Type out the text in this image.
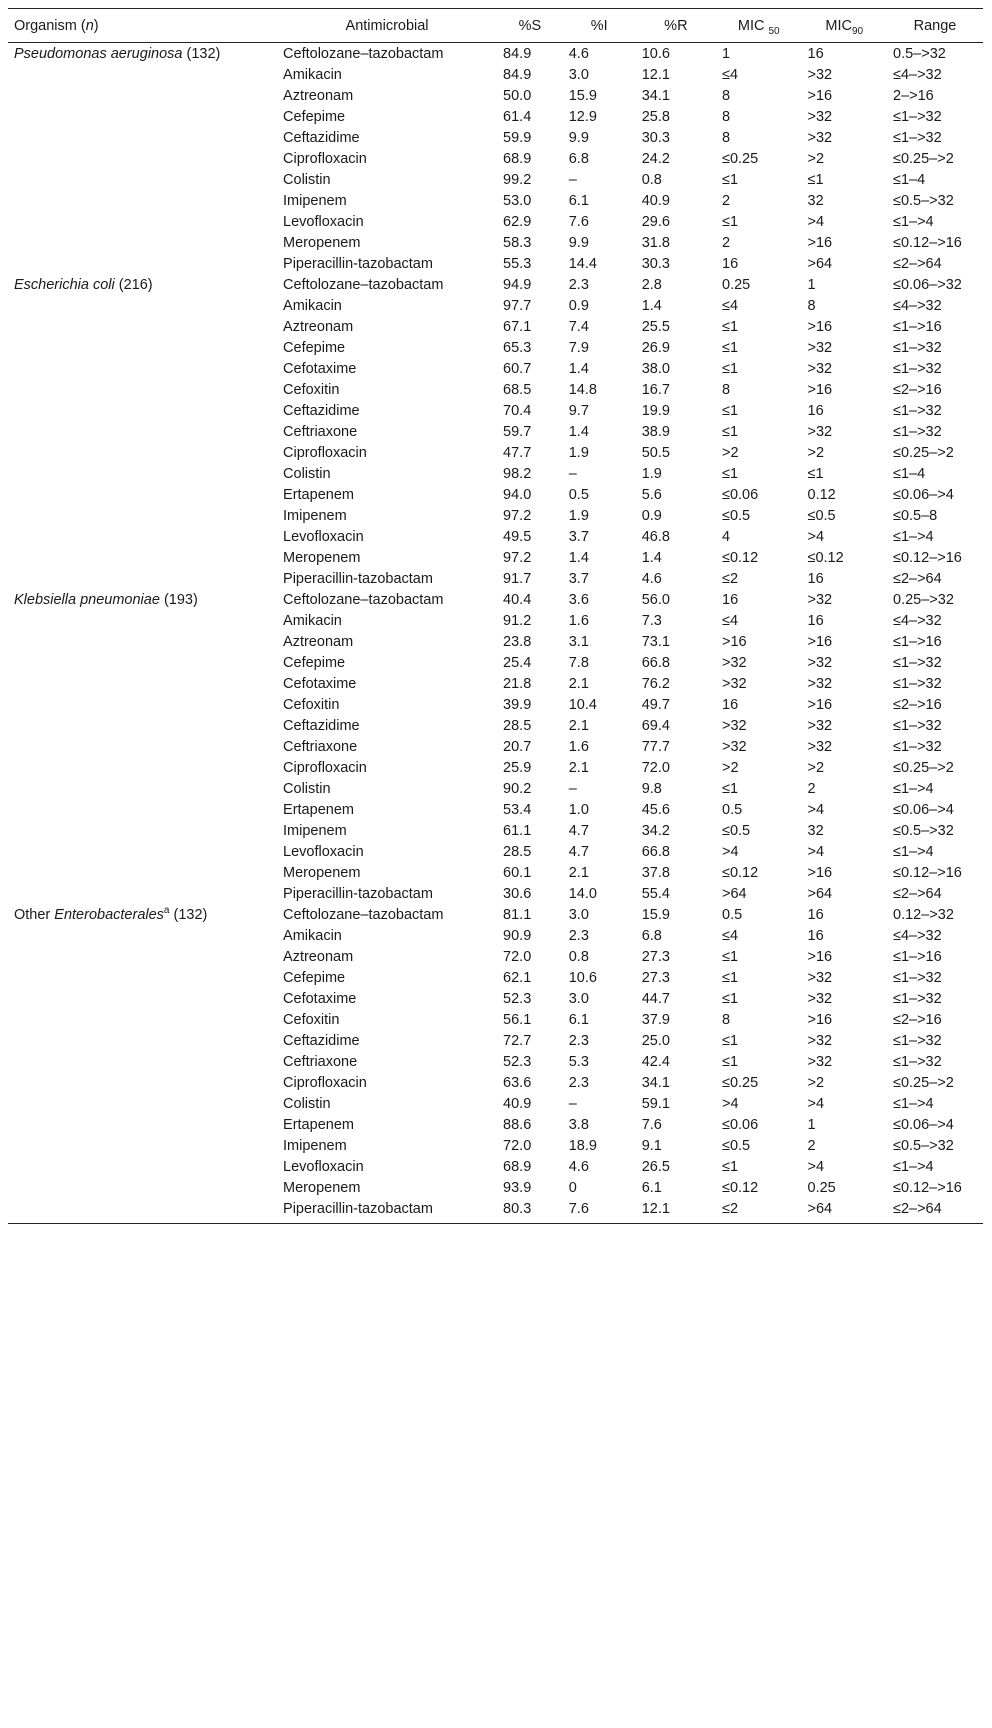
Organism (n)	Antimicrobial	%S	%I	%R	MIC $_{50}$	$MIC_{90}$	Range
Pseudomonas aeruginosa (132)	Ceftolozane–tazobactam	84.9	4.6	10.6	1	16	0.5–>32
	Amikacin	84.9	3.0	12.1	≤4	>32	≤4–>32
	Aztreonam	50.0	15.9	34.1	8	>16	2–>16
	Cefepime	61.4	12.9	25.8	8	>32	≤1–>32
	Ceftazidime	59.9	9.9	30.3	8	>32	≤1–>32
	Ciprofloxacin	68.9	6.8	24.2	≤0.25	>2	≤0.25–>2
	Colistin	99.2	–	0.8	≤1	≤1	≤1–4
	Imipenem	53.0	6.1	40.9	2	32	≤0.5–>32
	Levofloxacin	62.9	7.6	29.6	≤1	>4	≤1–>4
	Meropenem	58.3	9.9	31.8	2	>16	≤0.12–>16
	Piperacillin-tazobactam	55.3	14.4	30.3	16	>64	≤2–>64
Escherichia coli (216)	Ceftolozane–tazobactam	94.9	2.3	2.8	0.25	1	≤0.06–>32
	Amikacin	97.7	0.9	1.4	≤4	8	≤4–>32
	Aztreonam	67.1	7.4	25.5	≤1	>16	≤1–>16
	Cefepime	65.3	7.9	26.9	≤1	>32	≤1–>32
	Cefotaxime	60.7	1.4	38.0	≤1	>32	≤1–>32
	Cefoxitin	68.5	14.8	16.7	8	>16	≤2–>16
	Ceftazidime	70.4	9.7	19.9	≤1	16	≤1–>32
	Ceftriaxone	59.7	1.4	38.9	≤1	>32	≤1–>32
	Ciprofloxacin	47.7	1.9	50.5	>2	>2	≤0.25–>2
	Colistin	98.2	–	1.9	≤1	≤1	≤1–4
	Ertapenem	94.0	0.5	5.6	≤0.06	0.12	≤0.06–>4
	Imipenem	97.2	1.9	0.9	≤0.5	≤0.5	≤0.5–8
	Levofloxacin	49.5	3.7	46.8	4	>4	≤1–>4
	Meropenem	97.2	1.4	1.4	≤0.12	≤0.12	≤0.12–>16
	Piperacillin-tazobactam	91.7	3.7	4.6	≤2	16	≤2–>64
Klebsiella pneumoniae (193)	Ceftolozane–tazobactam	40.4	3.6	56.0	16	>32	0.25–>32
	Amikacin	91.2	1.6	7.3	≤4	16	≤4–>32
	Aztreonam	23.8	3.1	73.1	>16	>16	≤1–>16
	Cefepime	25.4	7.8	66.8	>32	>32	≤1–>32
	Cefotaxime	21.8	2.1	76.2	>32	>32	≤1–>32
	Cefoxitin	39.9	10.4	49.7	16	>16	≤2–>16
	Ceftazidime	28.5	2.1	69.4	>32	>32	≤1–>32
	Ceftriaxone	20.7	1.6	77.7	>32	>32	≤1–>32
	Ciprofloxacin	25.9	2.1	72.0	>2	>2	≤0.25–>2
	Colistin	90.2	–	9.8	≤1	2	≤1–>4
	Ertapenem	53.4	1.0	45.6	0.5	>4	≤0.06–>4
	Imipenem	61.1	4.7	34.2	≤0.5	32	≤0.5–>32
	Levofloxacin	28.5	4.7	66.8	>4	>4	≤1–>4
	Meropenem	60.1	2.1	37.8	≤0.12	>16	≤0.12–>16
	Piperacillin-tazobactam	30.6	14.0	55.4	>64	>64	≤2–>64
Other Enterobacterales$^a$ (132)	Ceftolozane–tazobactam	81.1	3.0	15.9	0.5	16	0.12–>32
	Amikacin	90.9	2.3	6.8	≤4	16	≤4–>32
	Aztreonam	72.0	0.8	27.3	≤1	>16	≤1–>16
	Cefepime	62.1	10.6	27.3	≤1	>32	≤1–>32
	Cefotaxime	52.3	3.0	44.7	≤1	>32	≤1–>32
	Cefoxitin	56.1	6.1	37.9	8	>16	≤2–>16
	Ceftazidime	72.7	2.3	25.0	≤1	>32	≤1–>32
	Ceftriaxone	52.3	5.3	42.4	≤1	>32	≤1–>32
	Ciprofloxacin	63.6	2.3	34.1	≤0.25	>2	≤0.25–>2
	Colistin	40.9	–	59.1	>4	>4	≤1–>4
	Ertapenem	88.6	3.8	7.6	≤0.06	1	≤0.06–>4
	Imipenem	72.0	18.9	9.1	≤0.5	2	≤0.5–>32
	Levofloxacin	68.9	4.6	26.5	≤1	>4	≤1–>4
	Meropenem	93.9	0	6.1	≤0.12	0.25	≤0.12–>16
	Piperacillin-tazobactam	80.3	7.6	12.1	≤2	>64	≤2–>64
